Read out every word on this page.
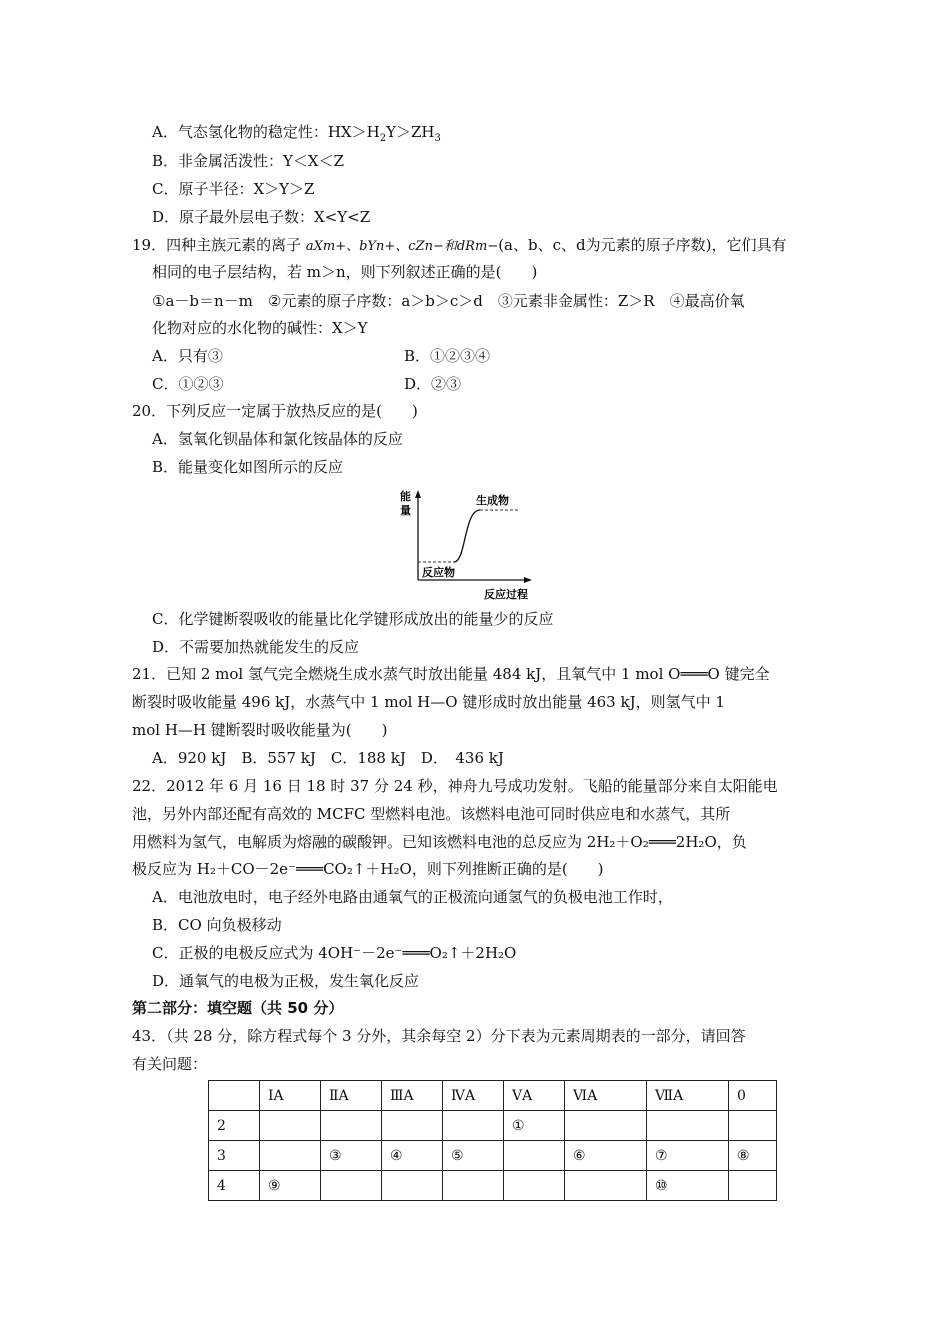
A．气态氢化物的稳定性：$HX>H_2Y>ZH_3$
B．非金属活泼性：Y＜X＜Z
C．原子半径：X＞Y＞Z
D．原子最外层电子数：X<Y<Z
19．四种主族元素的离子 aXm+、bYn+、cZn−和dRm−(a、b、c、d为元素的原子序数)，它们具有
相同的电子层结构，若 m＞n，则下列叙述正确的是(　　)
①a－b＝n－m　②元素的原子序数：a＞b＞c＞d　③元素非金属性：Z＞R　④最高价氧
化物对应的水化物的碱性：X＞Y
A．只有③	B．①②③④
C．①②③	D．②③
20．下列反应一定属于放热反应的是(　　)
A．氢氧化钡晶体和氯化铵晶体的反应
B．能量变化如图所示的反应
能
量
生成物
反应物
反应过程
C．化学键断裂吸收的能量比化学键形成放出的能量少的反应
D．不需要加热就能发生的反应
21．已知 2 mol 氢气完全燃烧生成水蒸气时放出能量 484 kJ，且氧气中 1 mol O═══O 键完全
断裂时吸收能量 496 kJ，水蒸气中 1 mol H—O 键形成时放出能量 463 kJ，则氢气中 1
mol H—H 键断裂时吸收能量为(　　)
A．920 kJ　B．557 kJ　C．188 kJ　D．　436 kJ
22．2012 年 6 月 16 日 18 时 37 分 24 秒，神舟九号成功发射。飞船的能量部分来自太阳能电
池，另外内部还配有高效的 MCFC 型燃料电池。该燃料电池可同时供应电和水蒸气，其所
用燃料为氢气，电解质为熔融的碳酸钾。已知该燃料电池的总反应为 2H₂＋O₂═══2H₂O，负
极反应为 H₂＋CO－2e⁻═══CO₂↑＋H₂O，则下列推断正确的是(　　)
A．电池放电时，电子经外电路由通氧气的正极流向通氢气的负极电池工作时，
B．CO 向负极移动
C．正极的电极反应式为 4OH⁻－2e⁻═══O₂↑＋2H₂O
D．通氧气的电极为正极，发生氧化反应
第二部分：填空题（共 50 分）
43．（共 28 分，除方程式每个 3 分外，其余每空 2）分下表为元素周期表的一部分，请回答
有关问题：
	ⅠA	ⅡA	ⅢA	ⅣA	ⅤA	ⅥA	ⅦA	0
2					①			
3		③	④	⑤		⑥	⑦	⑧
4	⑨						⑩	
